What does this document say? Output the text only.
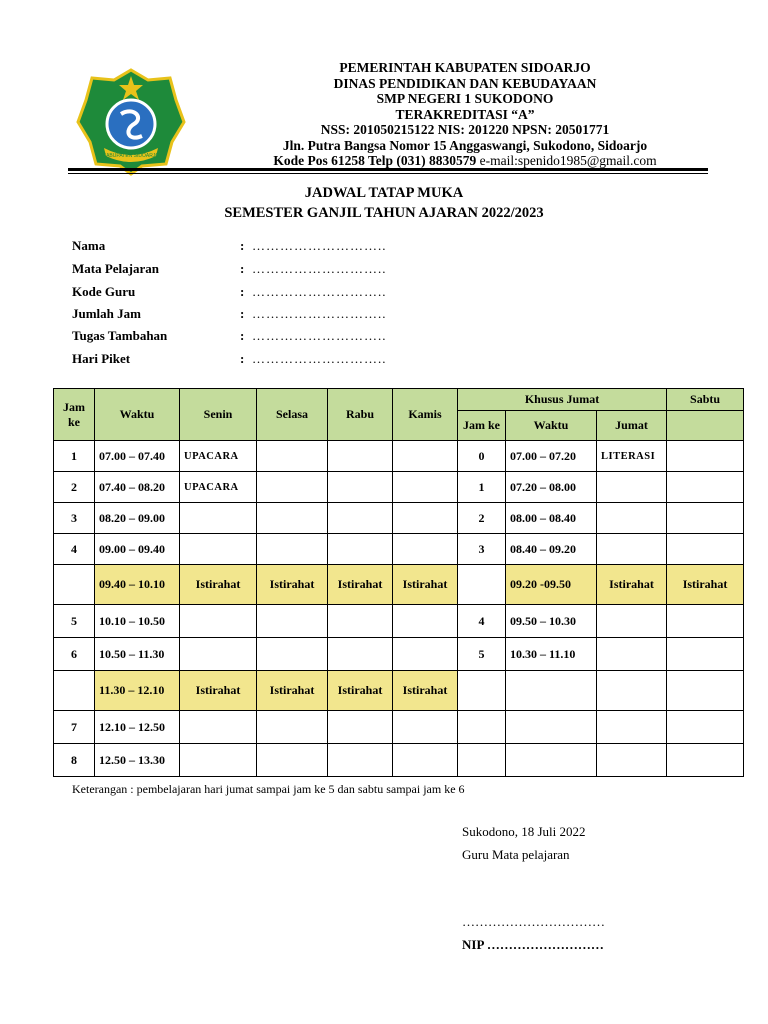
KABUPATEN SIDOARJO
PEMERINTAH KABUPATEN SIDOARJO
DINAS PENDIDIKAN DAN KEBUDAYAAN
SMP NEGERI 1 SUKODONO
TERAKREDITASI “A”
NSS: 201050215122 NIS: 201220 NPSN: 20501771
Jln. Putra Bangsa Nomor 15 Anggaswangi, Sukodono, Sidoarjo
Kode Pos 61258 Telp (031) 8830579 e-mail:spenido1985@gmail.com
JADWAL TATAP MUKA
SEMESTER GANJIL TAHUN AJARAN 2022/2023
Nama	: ………………………..
Mata Pelajaran	: ………………………..
Kode Guru	: ………………………..
Jumlah Jam	: ………………………..
Tugas Tambahan	: ………………………..
Hari Piket	: ………………………..
Jam ke	Waktu	Senin	Selasa	Rabu	Kamis	Khusus Jumat			Sabtu
						Jam ke	Waktu	Jumat	
1	07.00 – 07.40	UPACARA				0	07.00 – 07.20	LITERASI	
2	07.40 – 08.20	UPACARA				1	07.20 – 08.00		
3	08.20 – 09.00					2	08.00 – 08.40		
4	09.00 – 09.40					3	08.40 – 09.20		
	09.40 – 10.10	Istirahat	Istirahat	Istirahat	Istirahat		09.20 -09.50	Istirahat	Istirahat
5	10.10 – 10.50					4	09.50 – 10.30		
6	10.50 – 11.30					5	10.30 – 11.10		
	11.30 – 12.10	Istirahat	Istirahat	Istirahat	Istirahat				
7	12.10 – 12.50								
8	12.50 – 13.30								
Keterangan : pembelajaran hari jumat sampai jam ke 5 dan sabtu sampai jam ke 6
Sukodono, 18 Juli 2022
Guru Mata pelajaran
……………………………
NIP ………………………
